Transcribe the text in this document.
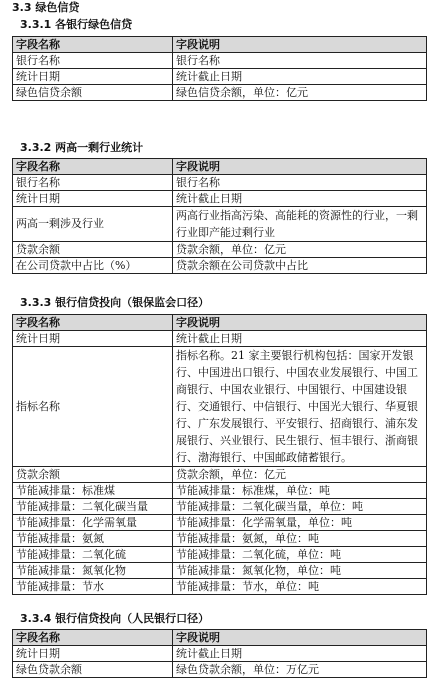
3.3 绿色信贷
3.3.1 各银行绿色信贷
字段名称	字段说明
银行名称	银行名称
统计日期	统计截止日期
绿色信贷余额	绿色信贷余额，单位：亿元
3.3.2 两高一剩行业统计
字段名称	字段说明
银行名称	银行名称
统计日期	统计截止日期
两高一剩涉及行业	两高行业指高污染、高能耗的资源性的行业，一剩行业即产能过剩行业
贷款余额	贷款余额，单位：亿元
在公司贷款中占比（%）	贷款余额在公司贷款中占比
3.3.3 银行信贷投向（银保监会口径）
字段名称	字段说明
统计日期	统计截止日期
指标名称	指标名称。21 家主要银行机构包括：国家开发银行、中国进出口银行、中国农业发展银行、中国工商银行、中国农业银行、中国银行、中国建设银行、交通银行、中信银行、中国光大银行、华夏银行、广东发展银行、平安银行、招商银行、浦东发展银行、兴业银行、民生银行、恒丰银行、浙商银行、渤海银行、中国邮政储蓄银行。
贷款余额	贷款余额，单位：亿元
节能减排量：标准煤	节能减排量：标准煤，单位：吨
节能减排量：二氧化碳当量	节能减排量：二氧化碳当量，单位：吨
节能减排量：化学需氧量	节能减排量：化学需氧量，单位：吨
节能减排量：氨氮	节能减排量：氨氮，单位：吨
节能减排量：二氧化硫	节能减排量：二氧化硫，单位：吨
节能减排量：氮氧化物	节能减排量：氮氧化物，单位：吨
节能减排量：节水	节能减排量：节水，单位：吨
3.3.4 银行信贷投向（人民银行口径）
字段名称	字段说明
统计日期	统计截止日期
绿色贷款余额	绿色贷款余额，单位：万亿元
